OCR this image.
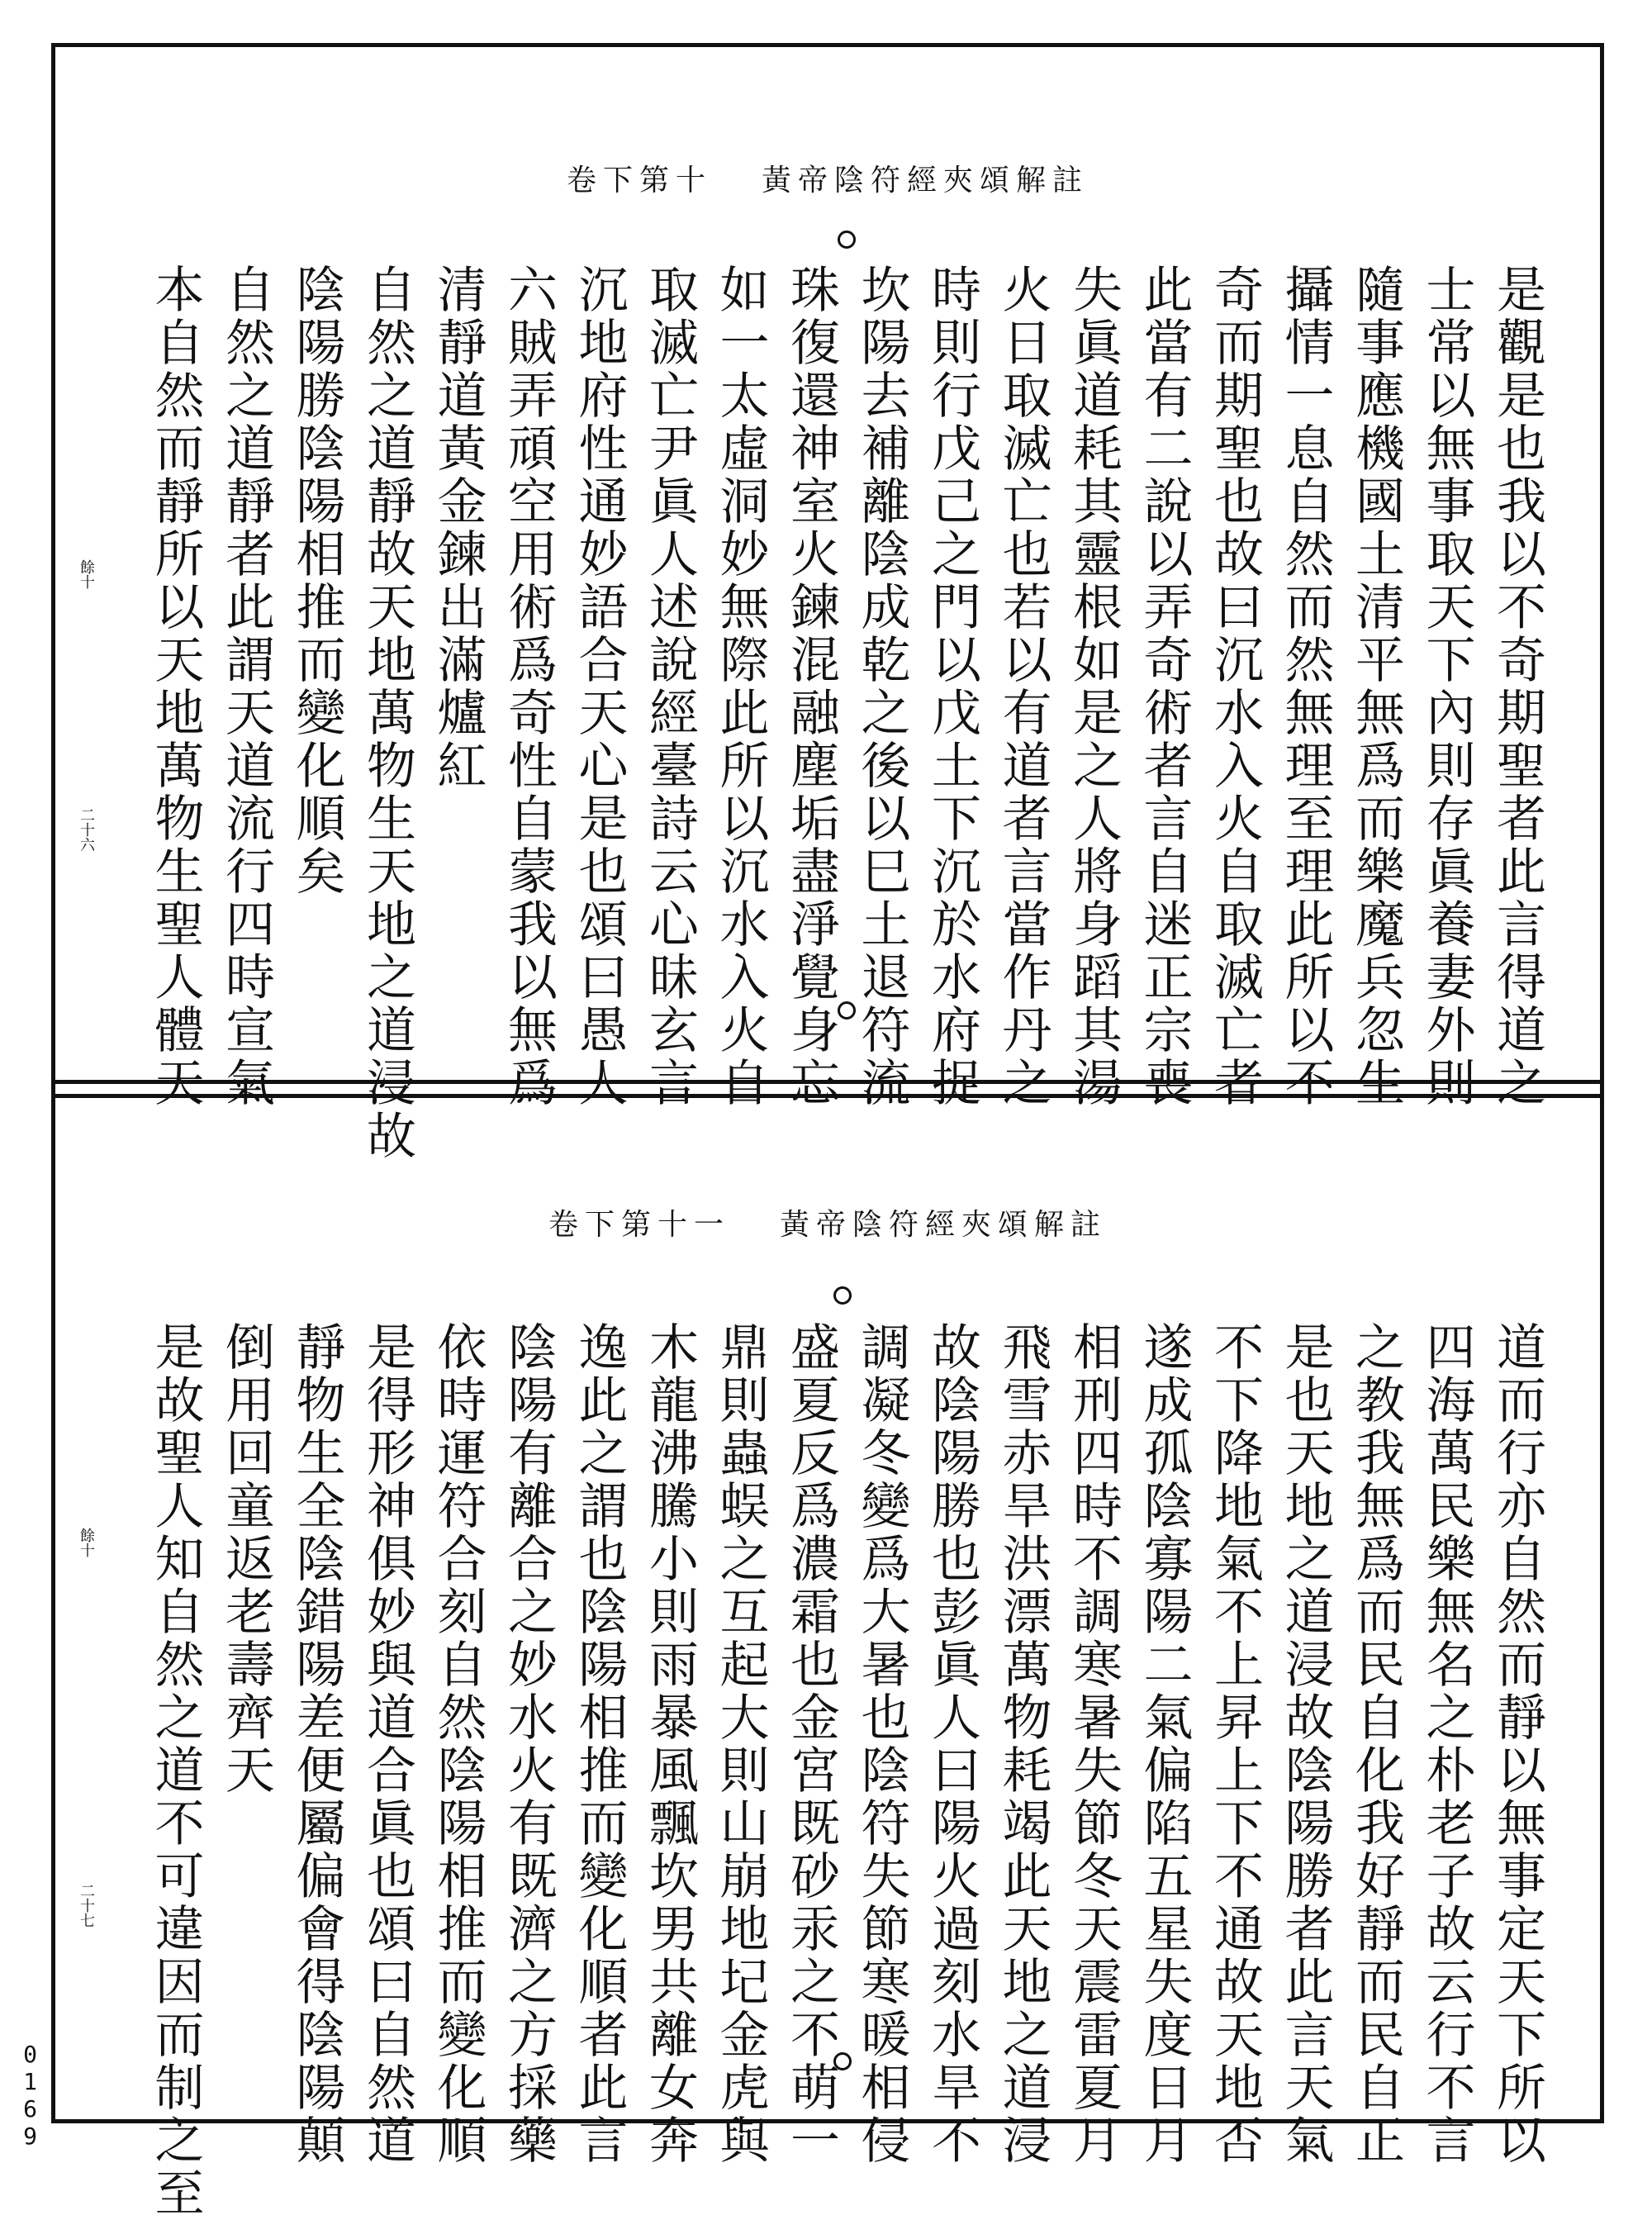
卷下第十 黃帝陰符經夾頌解註
是觀是也我以不奇期聖者此言得道之
士常以無事取天下內則存眞養妻外則
隨事應機國土清平無爲而樂魔兵忽生
攝情一息自然而然無理至理此所以不
奇而期聖也故曰沉水入火自取滅亡者
此當有二說以弄奇術者言自迷正宗喪
失眞道耗其靈根如是之人將身蹈其湯
火日取滅亡也若以有道者言當作丹之
時則行戊己之門以戊土下沉於水府捉
坎陽去補離陰成乾之後以巳土退符流
珠復還神室火鍊混融塵垢盡淨覺身忘
如一太虛洞妙無際此所以沉水入火自
取滅亡尹眞人述說經臺詩云心昧玄言
沉地府性通妙語合天心是也頌曰愚人
六賊弄頑空用術爲奇性自蒙我以無爲
清靜道黃金鍊出滿爐紅
自然之道靜故天地萬物生天地之道浸故
陰陽勝陰陽相推而變化順矣
自然之道靜者此謂天道流行四時宣氣
本自然而靜所以天地萬物生聖人體天
餘十
二十六
卷下第十一 黃帝陰符經夾頌解註
道而行亦自然而靜以無事定天下所以
四海萬民樂無名之朴老子故云行不言
之教我無爲而民自化我好靜而民自正
是也天地之道浸故陰陽勝者此言天氣
不下降地氣不上昇上下不通故天地否
遂成孤陰寡陽二氣偏陷五星失度日月
相刑四時不調寒暑失節冬天震雷夏月
飛雪赤旱洪漂萬物耗竭此天地之道浸
故陰陽勝也彭眞人曰陽火過刻水旱不
調凝冬變爲大暑也陰符失節寒暖相侵
盛夏反爲濃霜也金宮既砂汞之不萌一
鼎則蟲蜈之互起大則山崩地圮金虎與
木龍沸騰小則雨暴風飄坎男共離女奔
逸此之謂也陰陽相推而變化順者此言
陰陽有離合之妙水火有既濟之方採藥
依時運符合刻自然陰陽相推而變化順
是得形神俱妙與道合眞也頌曰自然道
靜物生全陰錯陽差便屬偏會得陰陽顛
倒用回童返老壽齊天
是故聖人知自然之道不可違因而制之至
餘十
二十七
0169
